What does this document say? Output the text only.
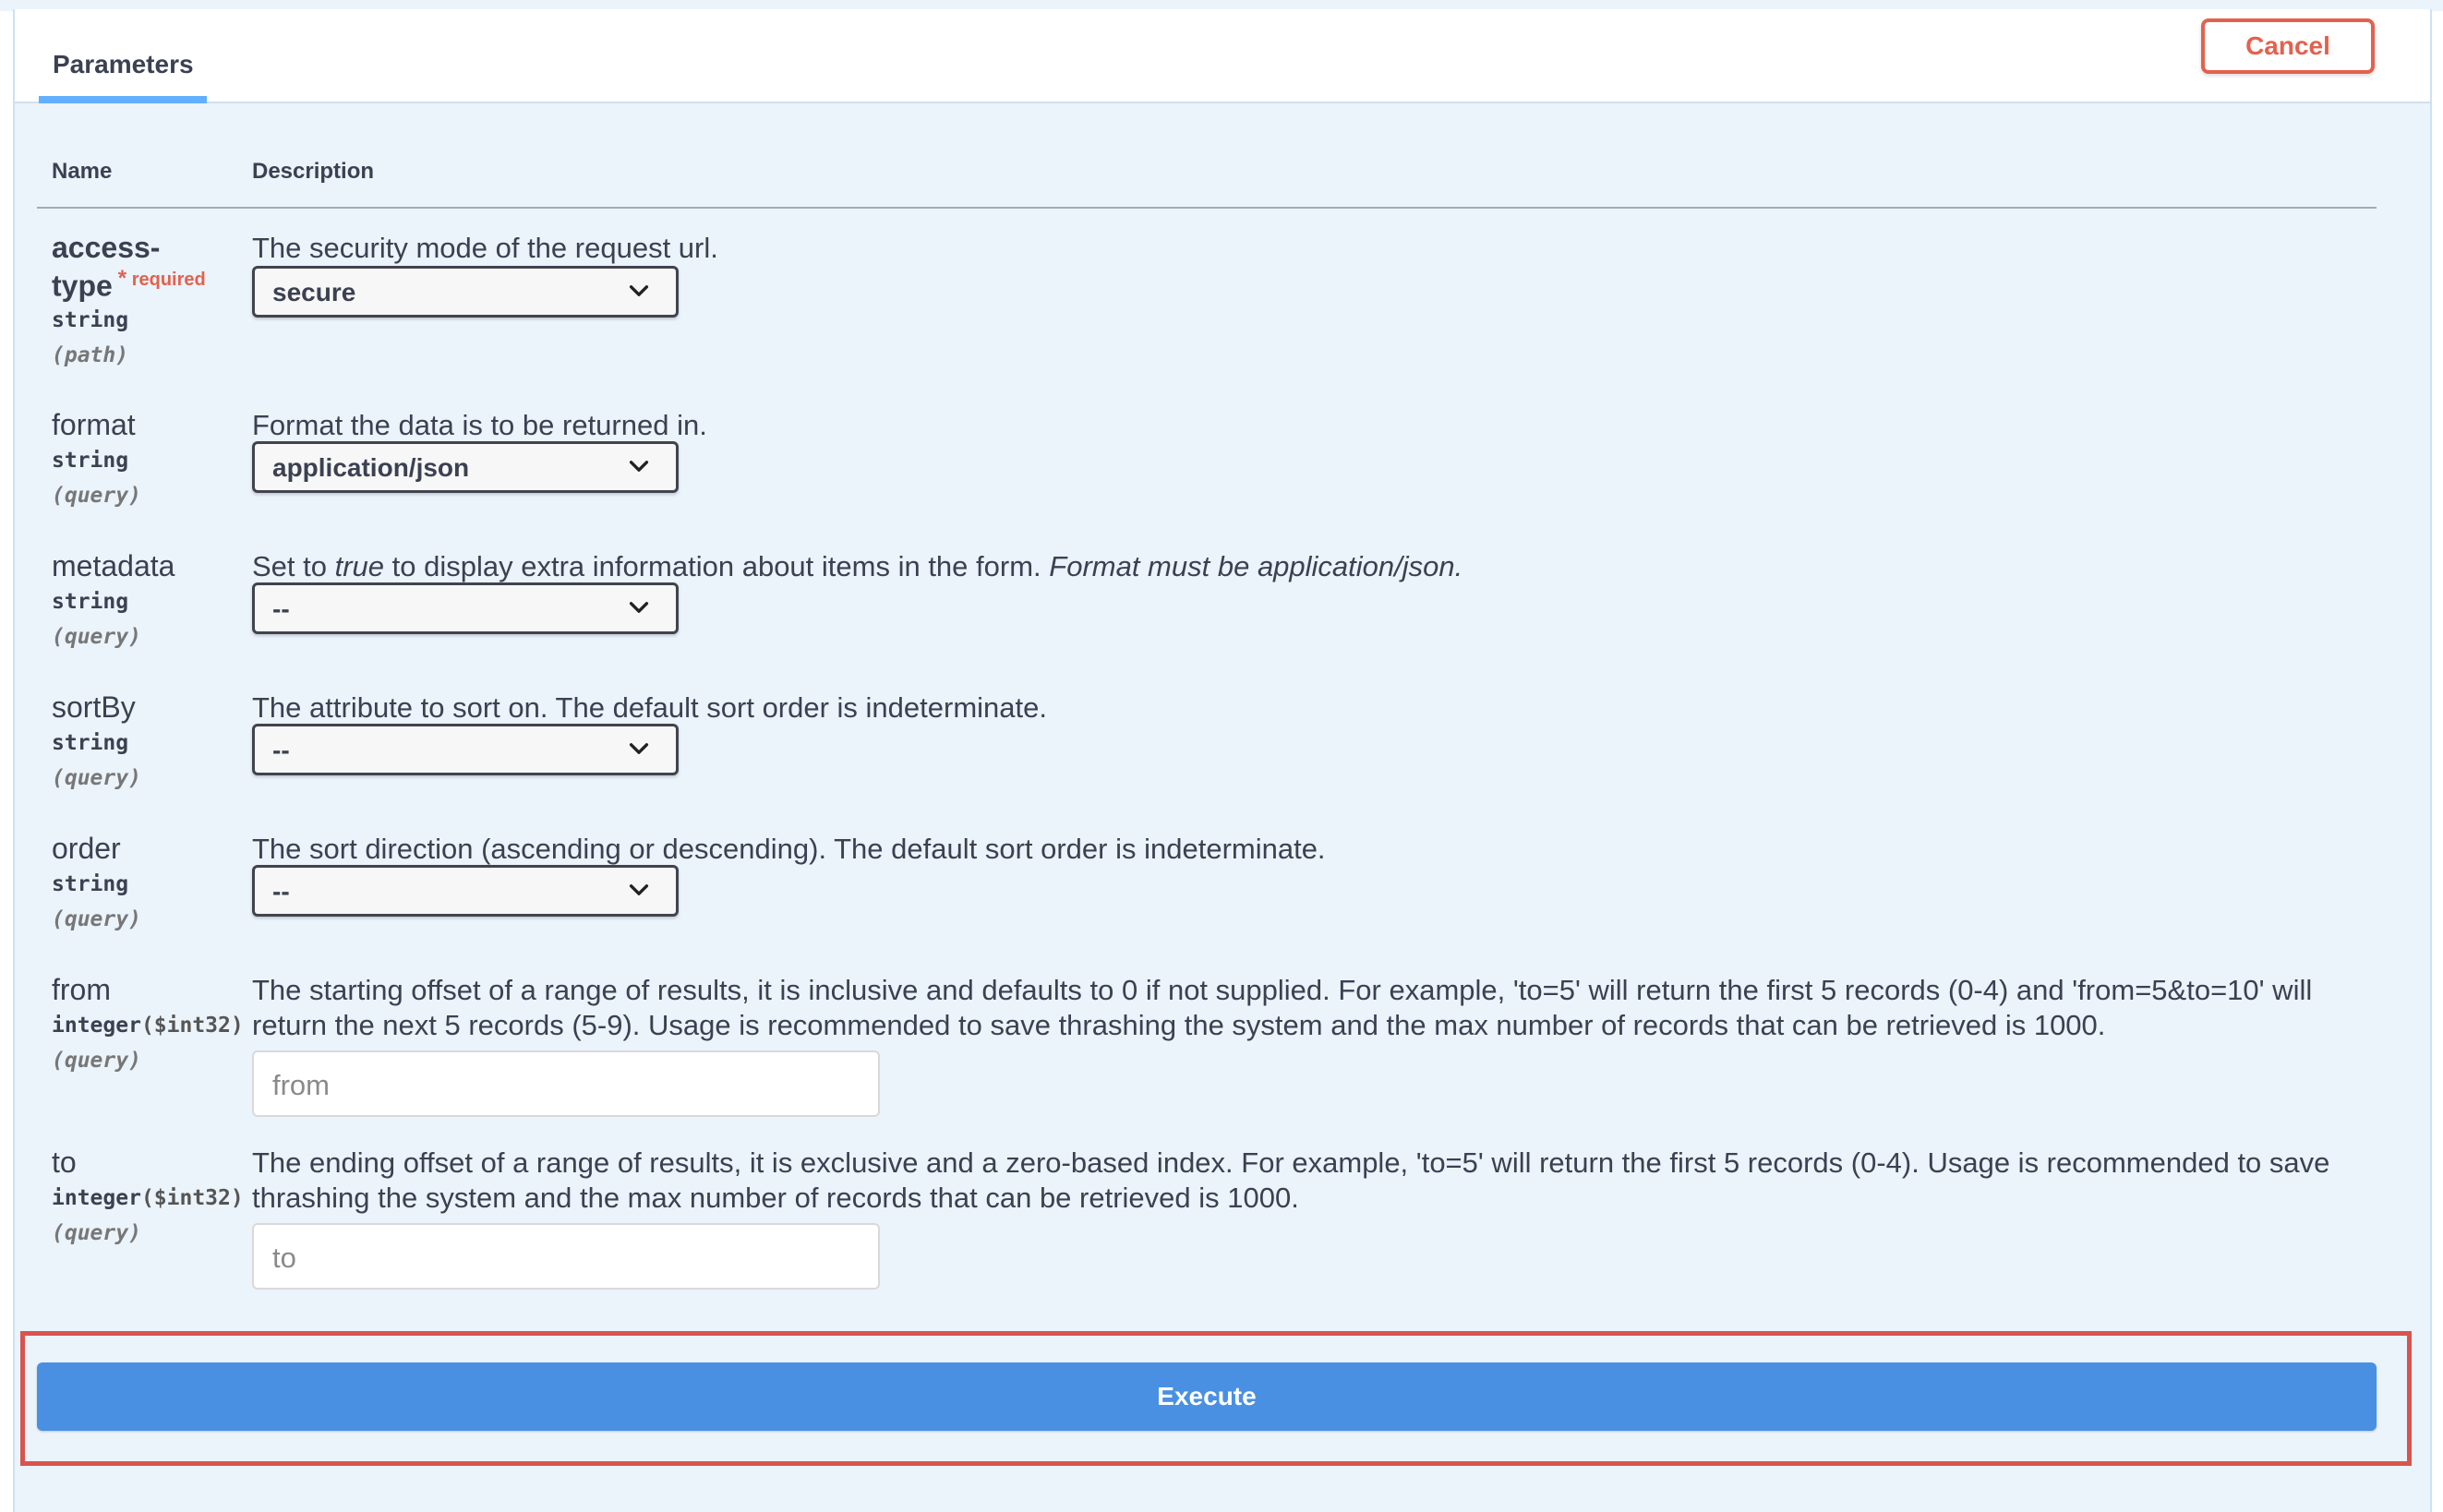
Parameters
Cancel
Name	Description
access-
type $^{* required}$
string
(path)
The security mode of the request url.
secure
format
string
(query)
Format the data is to be returned in.
application/json
metadata
string
(query)
Set to true to display extra information about items in the form. Format must be application/json.
--
sortBy
string
(query)
The attribute to sort on. The default sort order is indeterminate.
--
order
string
(query)
The sort direction (ascending or descending). The default sort order is indeterminate.
--
from
integer($int32)
(query)
The starting offset of a range of results, it is inclusive and defaults to 0 if not supplied. For example, 'to=5' will return the first 5 records (0-4) and 'from=5&to=10' will return the next 5 records (5-9). Usage is recommended to save thrashing the system and the max number of records that can be retrieved is 1000.
from
to
integer($int32)
(query)
The ending offset of a range of results, it is exclusive and a zero-based index. For example, 'to=5' will return the first 5 records (0-4). Usage is recommended to save thrashing the system and the max number of records that can be retrieved is 1000.
to
Execute
